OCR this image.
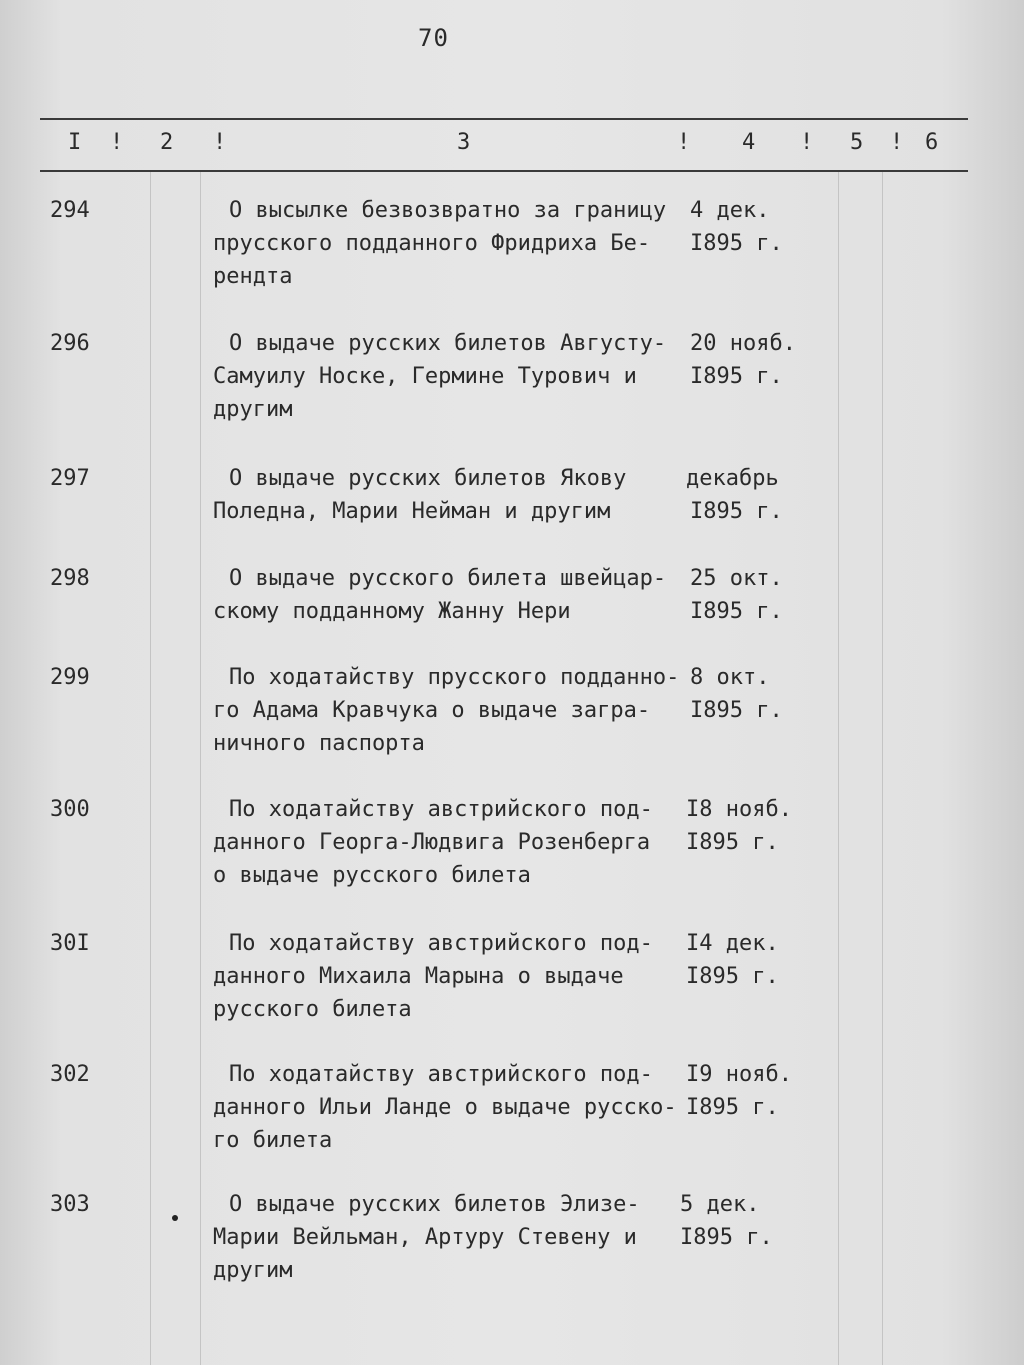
70
I ! 2 !	3	! 4 ! 5 ! 6
294	О высылке безвозвратно за границу
прусского подданного Фридриха Бе-
рендта
4 дек.
I895 г.
296	О выдаче русских билетов Августу-
Самуилу Носке, Гермине Турович и
другим
20 нояб.
I895 г.
297	О выдаче русских билетов Якову
Поледна, Марии Нейман и другим
декабрь
I895 г.
298	О выдаче русского билета швейцар-
скому подданному Жанну Нери
25 окт.
I895 г.
299	По ходатайству прусского подданно-
го Адама Кравчука о выдаче загра-
ничного паспорта
8 окт.
I895 г.
300	По ходатайству австрийского под-
данного Георга-Людвига Розенберга
о выдаче русского билета
I8 нояб.
I895 г.
30I	По ходатайству австрийского под-
данного Михаила Марына о выдаче
русского билета
I4 дек.
I895 г.
302	По ходатайству австрийского под-
данного Ильи Ланде о выдаче русско-
го билета
I9 нояб.
I895 г.
303	О выдаче русских билетов Элизе-
Марии Вейльман, Артуру Стевену и
другим
5 дек.
I895 г.
